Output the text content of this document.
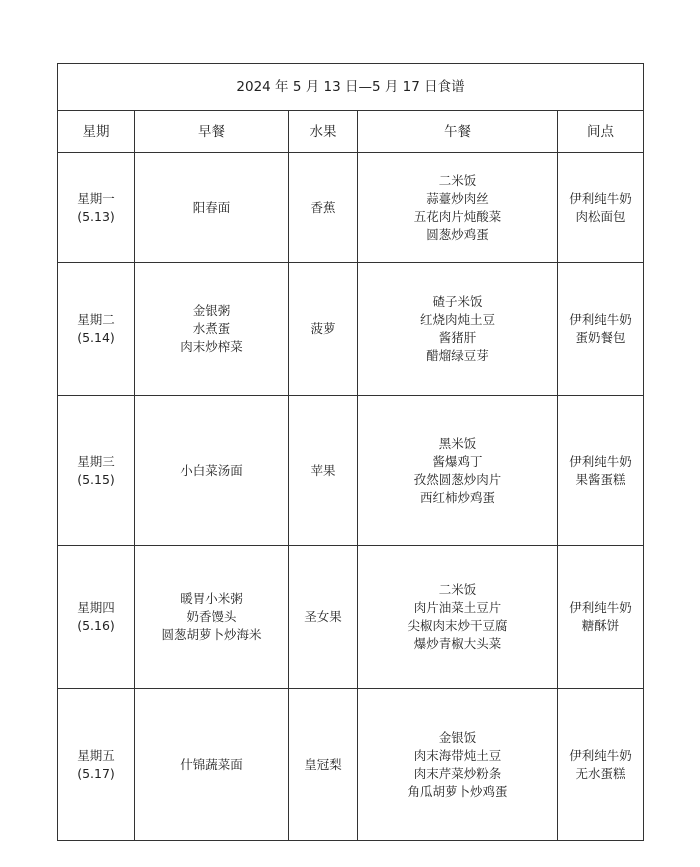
2024 年 5 月 13 日—5 月 17 日食谱				
星期	早餐	水果	午餐	间点

星期一
(5.13)	阳春面	香蕉	二米饭
蒜薹炒肉丝
五花肉片炖酸菜
圆葱炒鸡蛋	伊利纯牛奶
肉松面包

星期二
(5.14)	金银粥
水煮蛋
肉末炒榨菜	菠萝	碴子米饭
红烧肉炖土豆
酱猪肝
醋熘绿豆芽	伊利纯牛奶
蛋奶餐包

星期三
(5.15)	小白菜汤面	苹果	黑米饭
酱爆鸡丁
孜然圆葱炒肉片
西红柿炒鸡蛋	伊利纯牛奶
果酱蛋糕

星期四
(5.16)	暖胃小米粥
奶香馒头
圆葱胡萝卜炒海米	圣女果	二米饭
肉片油菜土豆片
尖椒肉末炒干豆腐
爆炒青椒大头菜	伊利纯牛奶
糖酥饼

星期五
(5.17)	什锦蔬菜面	皇冠梨	金银饭
肉末海带炖土豆
肉末芹菜炒粉条
角瓜胡萝卜炒鸡蛋	伊利纯牛奶
无水蛋糕
